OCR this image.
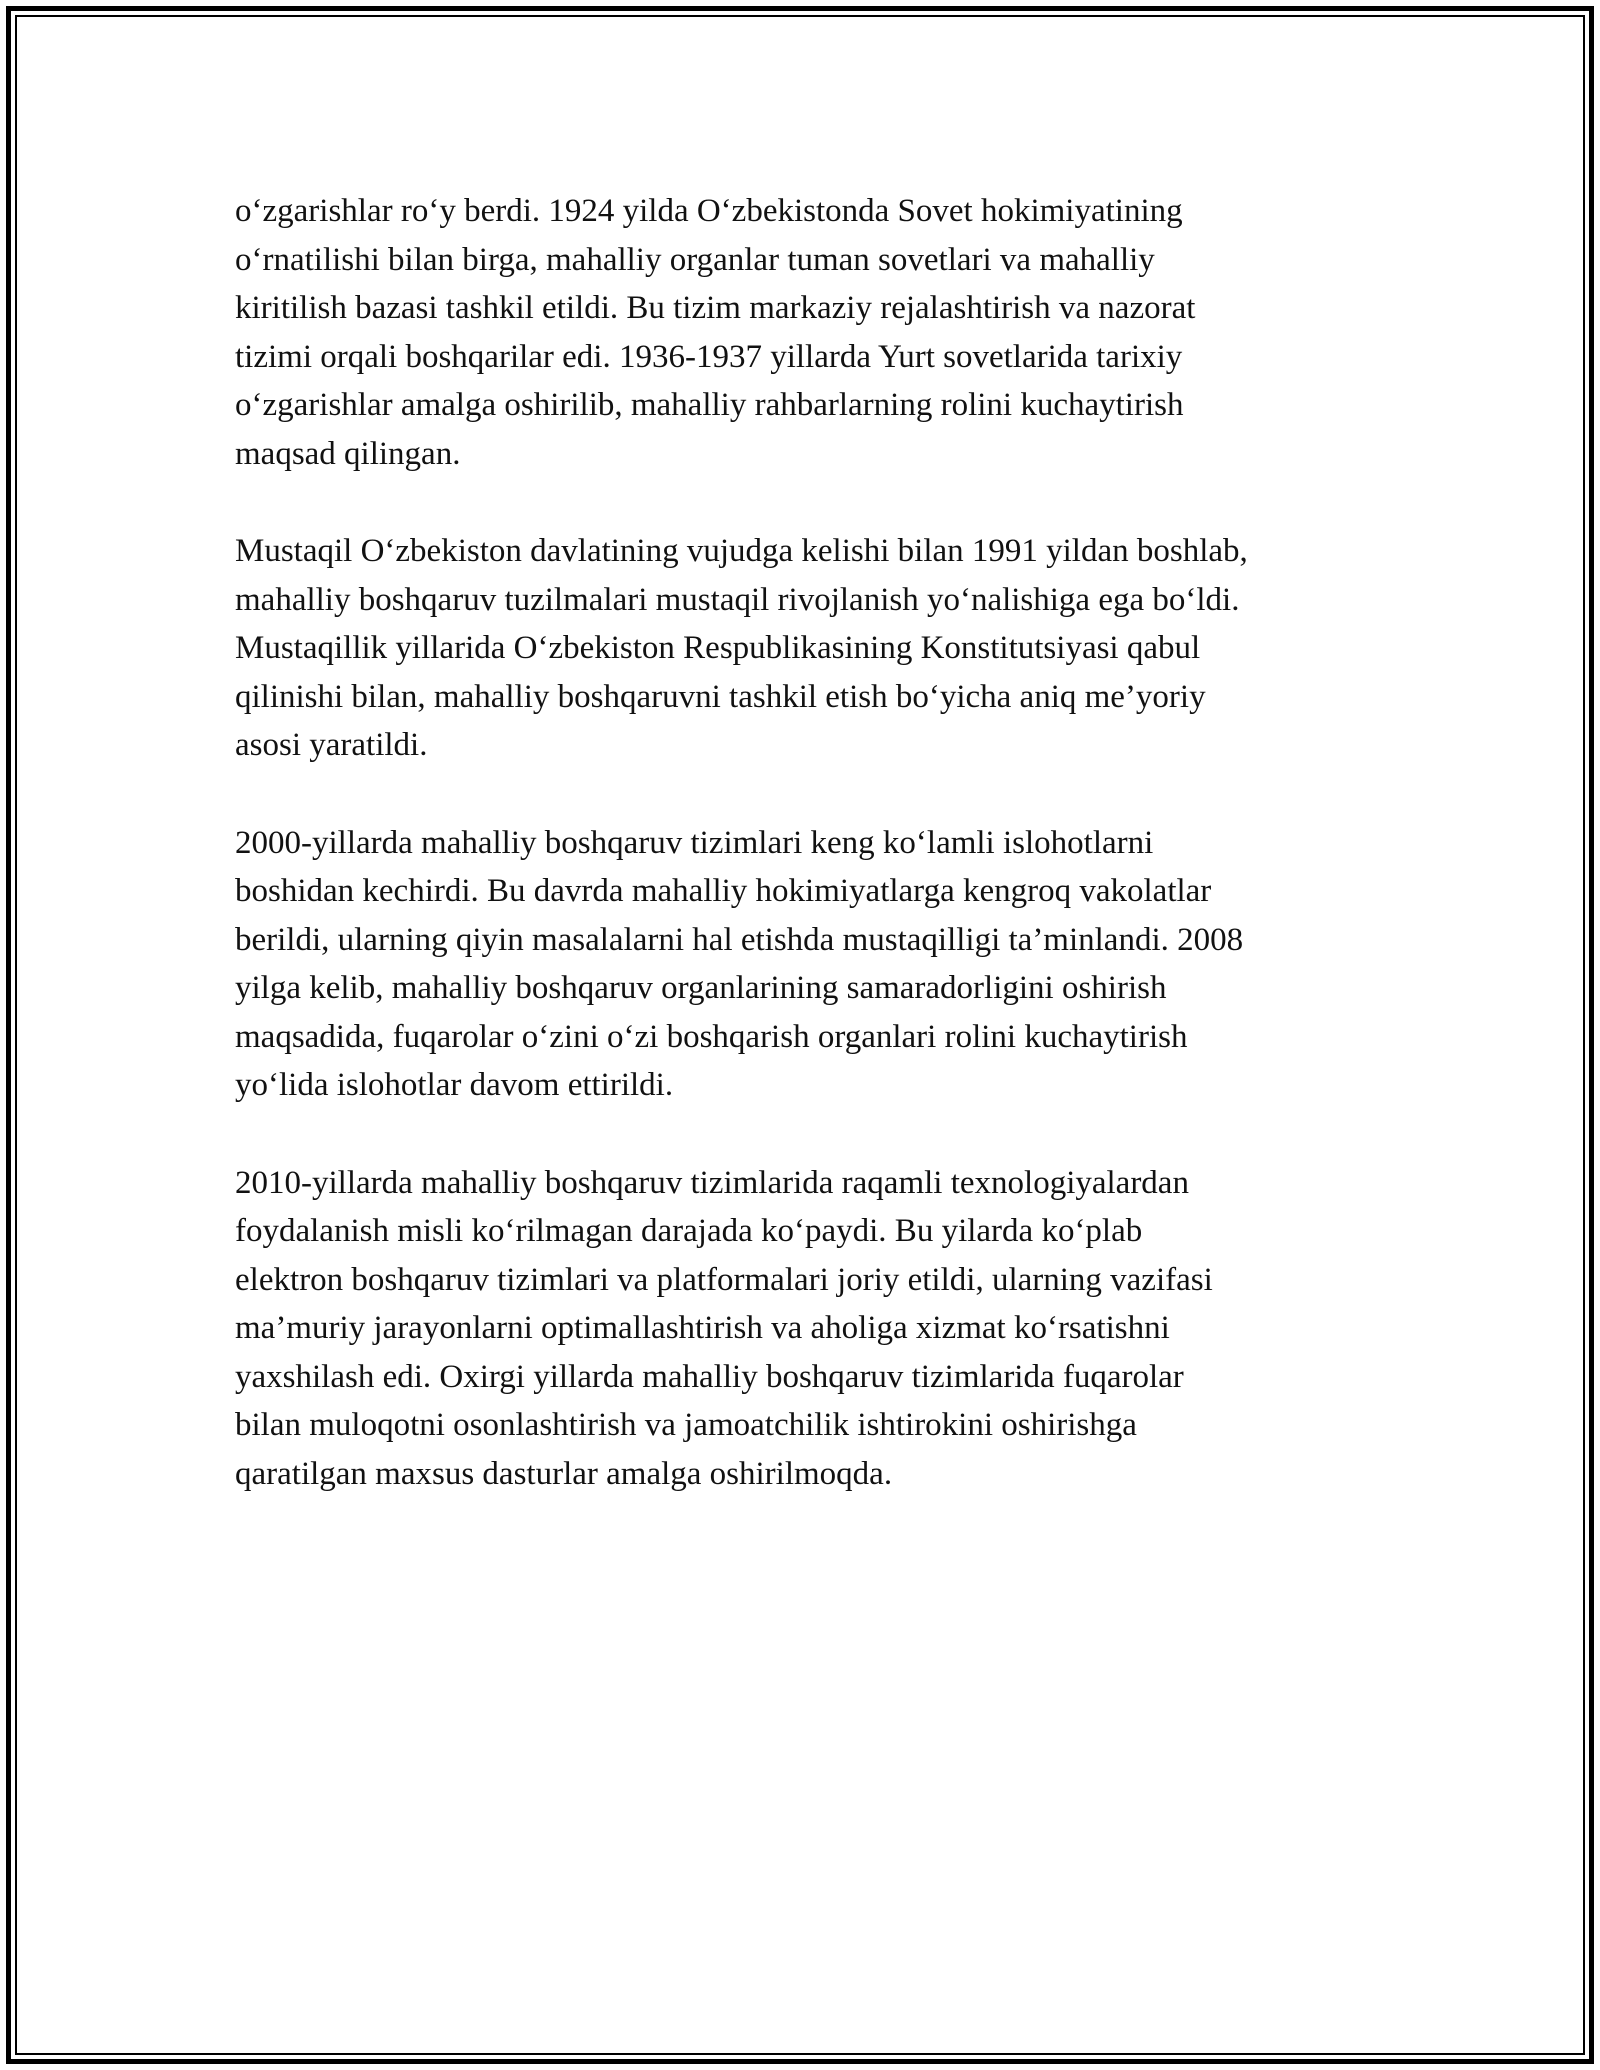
o‘zgarishlar ro‘y berdi. 1924 yilda O‘zbekistonda Sovet hokimiyatining
o‘rnatilishi bilan birga, mahalliy organlar tuman sovetlari va mahalliy
kiritilish bazasi tashkil etildi. Bu tizim markaziy rejalashtirish va nazorat
tizimi orqali boshqarilar edi. 1936-1937 yillarda Yurt sovetlarida tarixiy
o‘zgarishlar amalga oshirilib, mahalliy rahbarlarning rolini kuchaytirish
maqsad qilingan.

Mustaqil O‘zbekiston davlatining vujudga kelishi bilan 1991 yildan boshlab,
mahalliy boshqaruv tuzilmalari mustaqil rivojlanish yo‘nalishiga ega bo‘ldi.
Mustaqillik yillarida O‘zbekiston Respublikasining Konstitutsiyasi qabul
qilinishi bilan, mahalliy boshqaruvni tashkil etish bo‘yicha aniq me’yoriy
asosi yaratildi.

2000-yillarda mahalliy boshqaruv tizimlari keng ko‘lamli islohotlarni
boshidan kechirdi. Bu davrda mahalliy hokimiyatlarga kengroq vakolatlar
berildi, ularning qiyin masalalarni hal etishda mustaqilligi ta’minlandi. 2008
yilga kelib, mahalliy boshqaruv organlarining samaradorligini oshirish
maqsadida, fuqarolar o‘zini o‘zi boshqarish organlari rolini kuchaytirish
yo‘lida islohotlar davom ettirildi.

2010-yillarda mahalliy boshqaruv tizimlarida raqamli texnologiyalardan
foydalanish misli ko‘rilmagan darajada ko‘paydi. Bu yilarda ko‘plab
elektron boshqaruv tizimlari va platformalari joriy etildi, ularning vazifasi
ma’muriy jarayonlarni optimallashtirish va aholiga xizmat ko‘rsatishni
yaxshilash edi. Oxirgi yillarda mahalliy boshqaruv tizimlarida fuqarolar
bilan muloqotni osonlashtirish va jamoatchilik ishtirokini oshirishga
qaratilgan maxsus dasturlar amalga oshirilmoqda.
